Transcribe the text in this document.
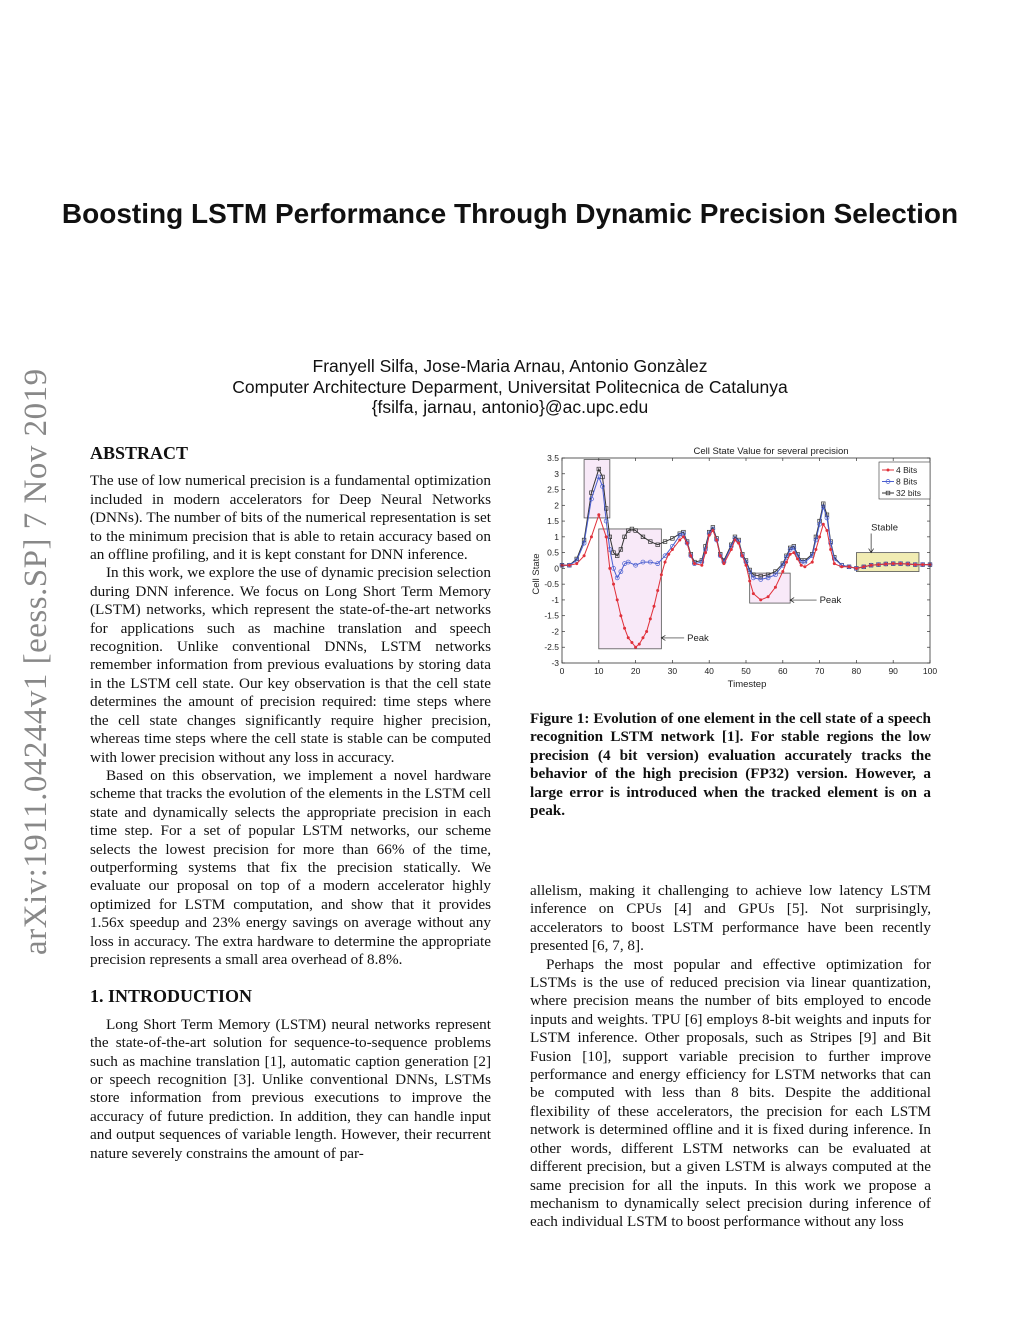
arXiv:1911.04244v1 [eess.SP] 7 Nov 2019
Boosting LSTM Performance Through Dynamic Precision Selection
Franyell Silfa, Jose-Maria Arnau, Antonio Gonzàlez
Computer Architecture Deparment, Universitat Politecnica de Catalunya
{fsilfa, jarnau, antonio}@ac.upc.edu
ABSTRACT

The use of low numerical precision is a fundamental optimization included in modern accelerators for Deep Neural Networks (DNNs). The number of bits of the numerical representation is set to the minimum precision that is able to retain accuracy based on an offline profiling, and it is kept constant for DNN inference.

In this work, we explore the use of dynamic precision selection during DNN inference. We focus on Long Short Term Memory (LSTM) networks, which represent the state-of-the-art networks for applications such as machine translation and speech recognition. Unlike conventional DNNs, LSTM networks remember information from previous evaluations by storing data in the LSTM cell state. Our key observation is that the cell state determines the amount of precision required: time steps where the cell state changes significantly require higher precision, whereas time steps where the cell state is stable can be computed with lower precision without any loss in accuracy.

Based on this observation, we implement a novel hardware scheme that tracks the evolution of the elements in the LSTM cell state and dynamically selects the appropriate precision in each time step. For a set of popular LSTM networks, our scheme selects the lowest precision for more than 66% of the time, outperforming systems that fix the precision statically. We evaluate our proposal on top of a modern accelerator highly optimized for LSTM computation, and show that it provides 1.56x speedup and 23% energy savings on average without any loss in accuracy. The extra hardware to determine the appropriate precision represents a small area overhead of 8.8%.

1. INTRODUCTION

Long Short Term Memory (LSTM) neural networks represent the state-of-the-art solution for sequence-to-sequence problems such as machine translation [1], automatic caption generation [2] or speech recognition [3]. Unlike conventional DNNs, LSTMs store information from previous executions to improve the accuracy of future prediction. In addition, they can handle input and output sequences of variable length. However, their recurrent nature severely constrains the amount of par-

0	10	20	30	40	50	60	70	80	90	100
3.5
3
2.5
2
1.5
1
0.5
0
-0.5
-1
-1.5
-2
-2.5
-3
Cell State Value for several precision
Timestep
Cell State
4 Bits
8 Bits
32 bits
Stable
Peak
Peak
Figure 1: Evolution of one element in the cell state of a speech recognition LSTM network [1]. For stable regions the low precision (4 bit version) evaluation accurately tracks the behavior of the high precision (FP32) version. However, a large error is introduced when the tracked element is on a peak.

allelism, making it challenging to achieve low latency LSTM inference on CPUs [4] and GPUs [5]. Not surprisingly, accelerators to boost LSTM performance have been recently presented [6, 7, 8].

Perhaps the most popular and effective optimization for LSTMs is the use of reduced precision via linear quantization, where precision means the number of bits employed to encode inputs and weights. TPU [6] employs 8-bit weights and inputs for LSTM inference. Other proposals, such as Stripes [9] and Bit Fusion [10], support variable precision to further improve performance and energy efficiency for LSTM networks that can be computed with less than 8 bits. Despite the additional flexibility of these accelerators, the precision for each LSTM network is determined offline and it is fixed during inference. In other words, different LSTM networks can be evaluated at different precision, but a given LSTM is always computed at the same precision for all the inputs. In this work we propose a mechanism to dynamically select precision during inference of each individual LSTM to boost performance without any loss
